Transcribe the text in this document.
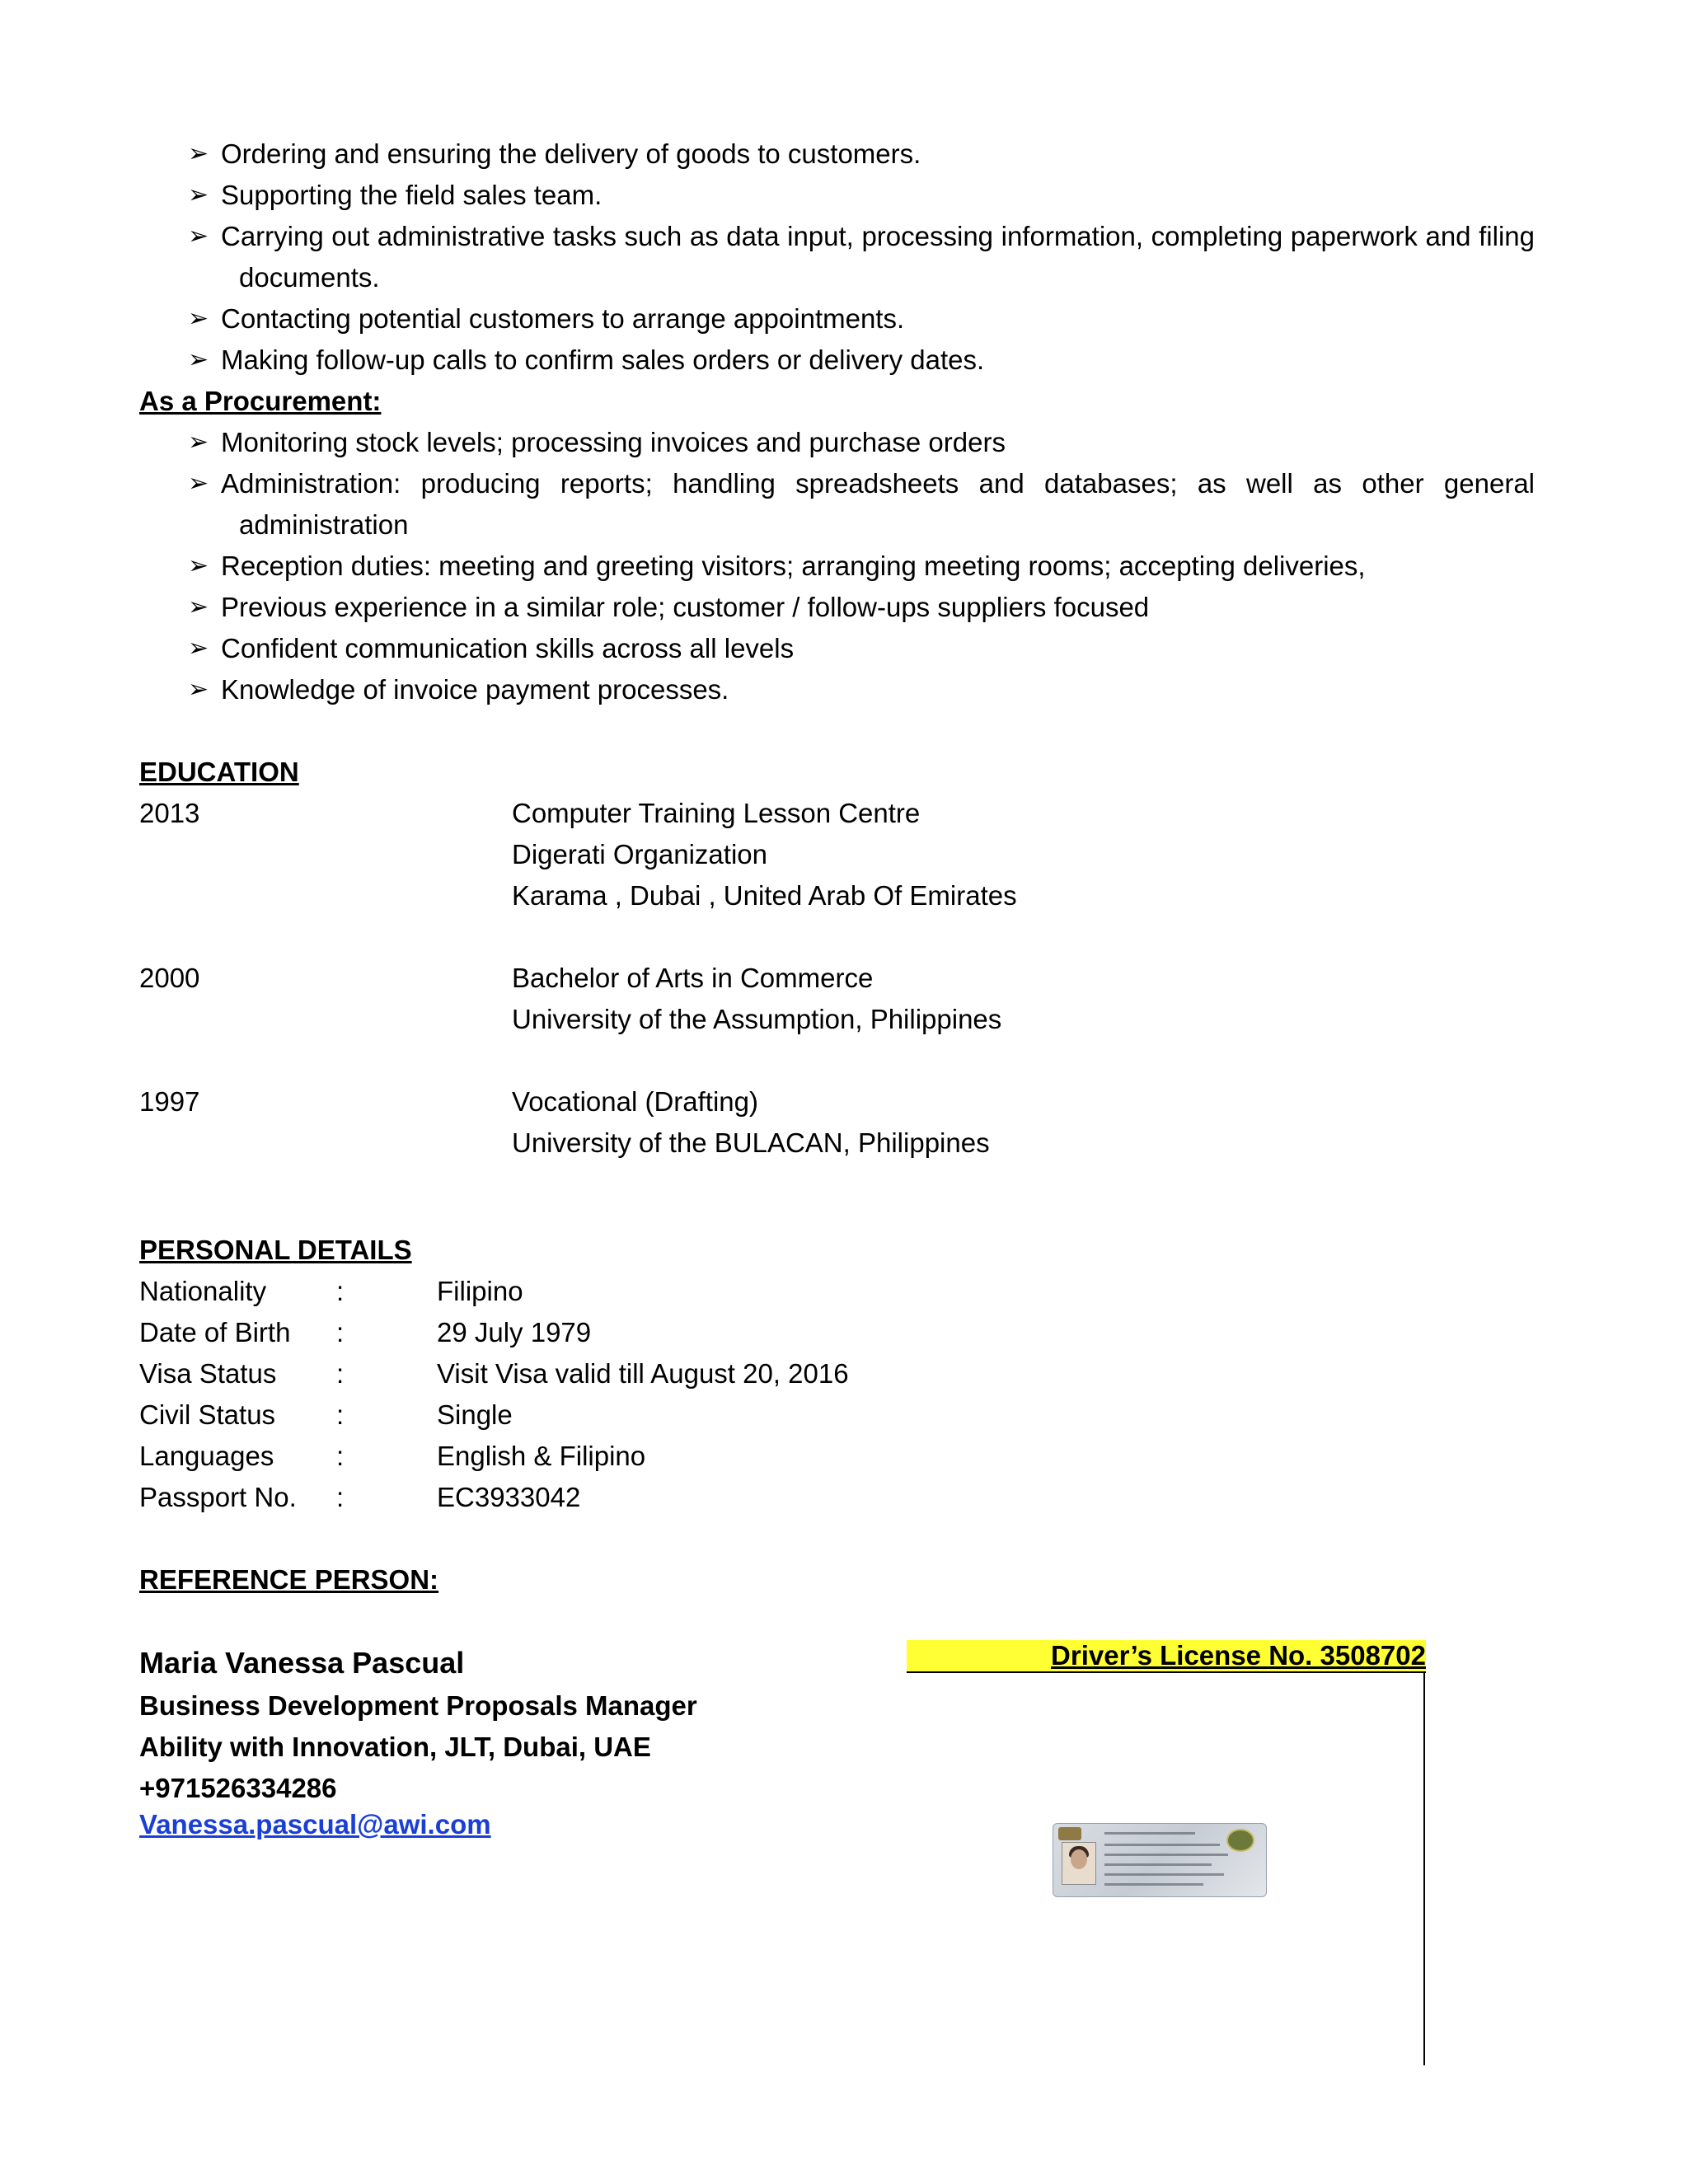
➢ Ordering and ensuring the delivery of goods to customers.
➢ Supporting the field sales team.
➢ Carrying out administrative tasks such as data input, processing information, completing paperwork and filing
documents.
➢ Contacting potential customers to arrange appointments.
➢ Making follow-up calls to confirm sales orders or delivery dates.
As a Procurement:
➢ Monitoring stock levels; processing invoices and purchase orders
➢ Administration: producing reports; handling spreadsheets and databases; as well as other general
administration
➢ Reception duties: meeting and greeting visitors; arranging meeting rooms; accepting deliveries,
➢ Previous experience in a similar role; customer / follow-ups suppliers focused
➢ Confident communication skills across all levels
➢ Knowledge of invoice payment processes.
EDUCATION
2013	Computer Training Lesson Centre
Digerati Organization
Karama , Dubai , United Arab Of Emirates
2000	Bachelor of Arts in Commerce
University of the Assumption, Philippines
1997	Vocational (Drafting)
University of the BULACAN, Philippines
PERSONAL DETAILS
Nationality	:	Filipino
Date of Birth :	29 July 1979
Visa Status :	Visit Visa valid till August 20, 2016
Civil Status :	Single
Languages :	English & Filipino
Passport No. :	EC3933042
REFERENCE PERSON:
Maria Vanessa Pascual
Business Development Proposals Manager
Ability with Innovation, JLT, Dubai, UAE
+971526334286
Vanessa.pascual@awi.com
Driver’s License No. 3508702
